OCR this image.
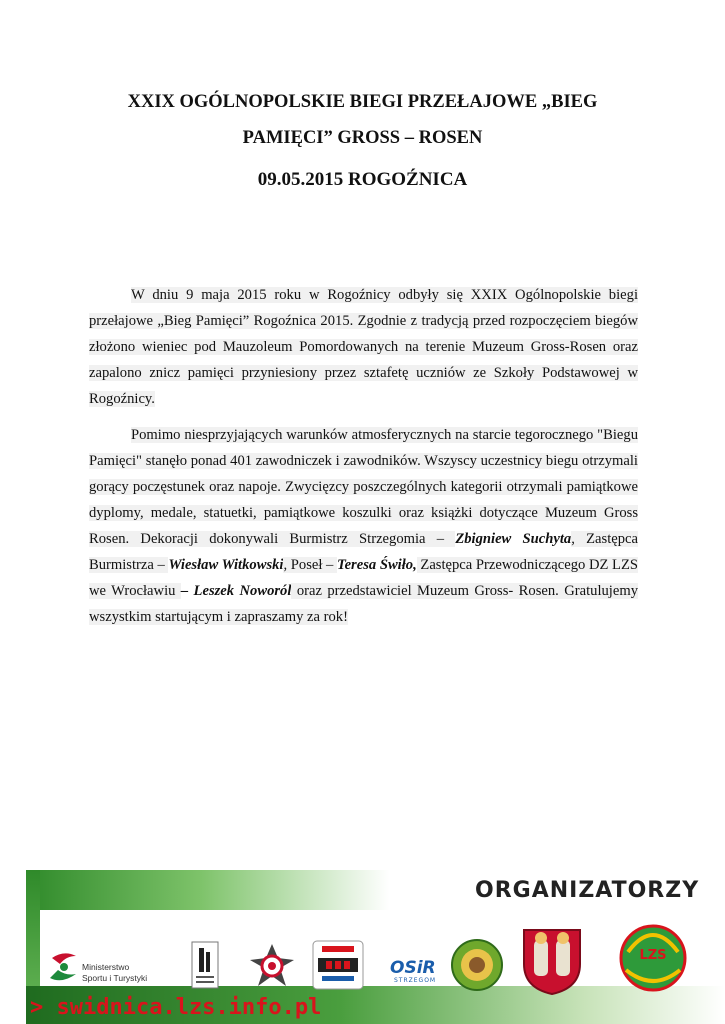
XXIX OGÓLNOPOLSKIE BIEGI PRZEŁAJOWE „BIEG
PAMIĘCI” GROSS – ROSEN
09.05.2015 ROGOŹNICA
W dniu 9 maja 2015 roku w Rogoźnicy odbyły się XXIX Ogólnopolskie biegi przełajowe „Bieg Pamięci” Rogoźnica 2015. Zgodnie z tradycją przed rozpoczęciem biegów złożono wieniec pod Mauzoleum Pomordowanych na terenie Muzeum Gross-Rosen oraz zapalono znicz pamięci przyniesiony przez sztafetę uczniów ze Szkoły Podstawowej w Rogoźnicy.
Pomimo niesprzyjających warunków atmosferycznych na starcie tegorocznego "Biegu Pamięci" stanęło ponad 401 zawodniczek i zawodników. Wszyscy uczestnicy biegu otrzymali gorący poczęstunek oraz napoje. Zwycięzcy poszczególnych kategorii otrzymali pamiątkowe dyplomy, medale, statuetki, pamiątkowe koszulki oraz książki dotyczące Muzeum Gross Rosen. Dekoracji dokonywali Burmistrz Strzegomia – Zbigniew Suchyta, Zastępca Burmistrza – Wiesław Witkowski, Poseł – Teresa Świło, Zastępca Przewodniczącego DZ LZS we Wrocławiu – Leszek Noworól oraz przedstawiciel Muzeum Gross- Rosen. Gratulujemy wszystkim startującym i zapraszamy za rok!
ORGANIZATORZY
> swidnica.lzs.info.pl
Ministerstwo
Sportu i Turystyki	OSiR
STRZEGOM
LZS
